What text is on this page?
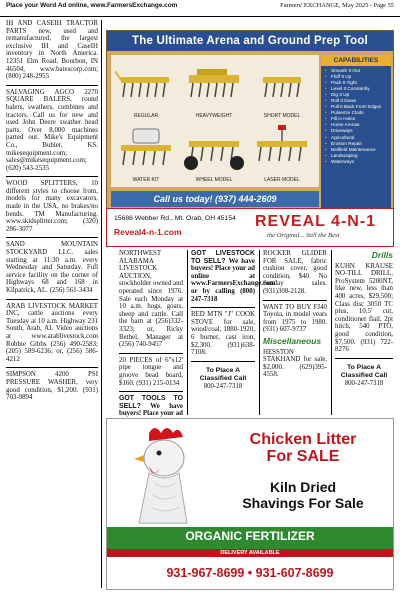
Place your Word Ad online, www.FarmersExchange.com	Farmers' EXCHANGE, May 2025 - Page 55

IH AND CASEIH TRACTOR PARTS new, used and remanufactured, the largest exclusive IH and CaseIH inventory in North America. 12351 Elm Road, Bourbon, IN 46504, www.batescorp.com; (800) 248-2955

SALVAGING AGCO 2270 SQUARE BALERS, round balers, swathers, combines and tractors. Call us for new and used John Deere swather head parts. Over 8,000 machines parted out. Mike's Equipment Co., Buhler, KS. mikesequipment.com; sales@mikesequipment.com; (620) 543-2535

WOOD SPLITTERS, 10 different styles to choose from, models for many excavators, made in the USA, no brakes/no bends. TM Manufacturing. www.skidsplitter.com; (320) 286-3077

SAND MOUNTAIN STOCKYARD LLC. sales starting at 11:30 a.m. every Wednesday and Saturday. Full service facility on the corner of Highways 68 and 168 in Kilpatrick, AL. (256) 561-3434

ARAB LIVESTOCK MARKET INC, cattle auctions every Tuesday at 10 a.m. Highway 231 South, Arab, AL Video auctions at www.arablivestock.com Robbie Gibbs (256) 490-2583; (205) 589-6236; or, (256) 586-4212

SIMPSON 4200 PSI PRESSURE WASHER, very good condition, $1,200. (931) 703-9894

The Ultimate Arena and Ground Prep Tool
REGULAR	HEAVYWEIGHT	SHORT MODEL
WATER KIT	WHEEL MODEL	LASER MODEL
CAPABILITIES
• Smooth It Out
• Fluff It Up
• Pack It Tight
• Level It Constantly
• Dig It Up
• Roll It Down
• Pull It Back From Edges
• Pulverize Clods
• Fill in Holes
• Horse Arenas
• Driveways
• Agricultural
• Erosion Repair
• Ballfield Maintenance
• Landscaping
• Waterways
Call us today! (937) 444-2609
15686 Webber Rd., Mt. Orab, OH 45154
Reveal4-n-1.com
REVEAL 4-N-1
the Original... Still the Best

NORTHWEST ALABAMA LIVESTOCK AUCTION, stockholder owned and operated since 1976. Sale each Monday at 10 a.m. hogs, goats, sheep and cattle. Call the barn at (256)332-3323; or, Ricky Bethel, Manager at (256) 740-9457

20 PIECES of 6"x12' pipe tongue and groove bead board, $160. (931) 215-0134

GOT TOOLS TO SELL? We have buyers! Place your ad

GOT LIVESTOCK TO SELL? We have buyers! Place your ad online at www.FarmersExchange.com or by calling (800) 247-7318

RED MTN "J" COOK STOVE for sale, wood/coal, 1880-1920, 6 burner, cast iron, $2,300. (931)638-7108.

To Place A
Classified Call
800-247-7318

ROCKER GLIDER FOR SALE, fabric cushion cover, good condition, $40. No Sunday sales. (931)308-2128.

WANT TO BUY FJ40 Toyota, in model years from 1975 to 1980. (931) 607-9737

Miscellaneous

HESSTON STAKHAND for sale, $2,000. (629)395-4558.

Drills

KUHN KRAUSE NO-TILL DRILL, ProSystem 5200NT, like new, less than 400 acres, $29,500; Class disc 3050 TC plus, 10.5' cut, conditioner flail, 2pt hitch, 540 PTO, good condition, $7,500. (931) 722-8276

To Place A
Classified Call
800-247-7318
Chicken Litter
For SALE
Kiln Dried
Shavings For Sale
ORGANIC FERTILIZER
DELIVERY AVAILABLE
931-967-8699 • 931-607-8699
